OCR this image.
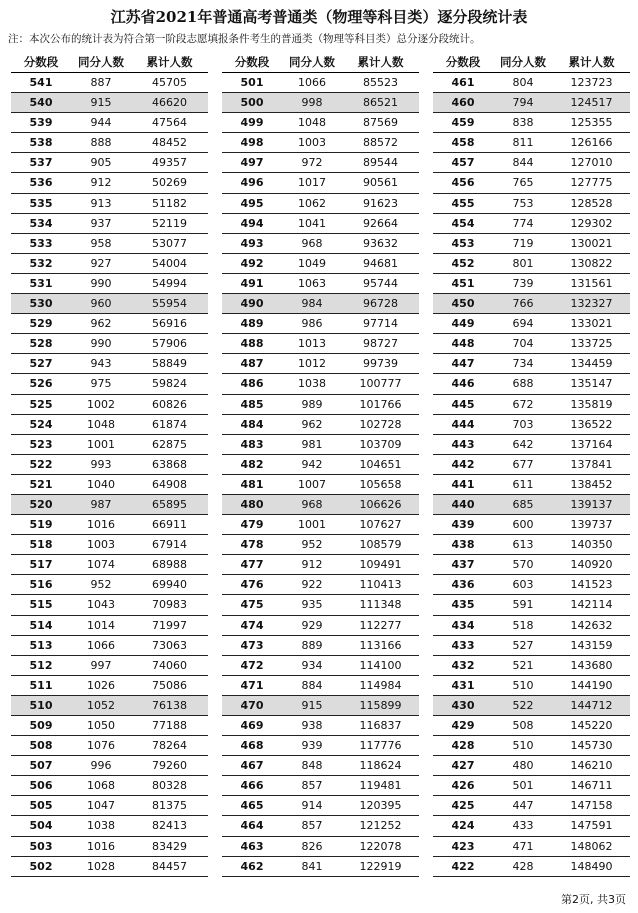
江苏省2021年普通高考普通类（物理等科目类）逐分段统计表
注：本次公布的统计表为符合第一阶段志愿填报条件考生的普通类（物理等科目类）总分逐分段统计。
分数段	同分人数	累计人数
541	887	45705
540	915	46620
539	944	47564
538	888	48452
537	905	49357
536	912	50269
535	913	51182
534	937	52119
533	958	53077
532	927	54004
531	990	54994
530	960	55954
529	962	56916
528	990	57906
527	943	58849
526	975	59824
525	1002	60826
524	1048	61874
523	1001	62875
522	993	63868
521	1040	64908
520	987	65895
519	1016	66911
518	1003	67914
517	1074	68988
516	952	69940
515	1043	70983
514	1014	71997
513	1066	73063
512	997	74060
511	1026	75086
510	1052	76138
509	1050	77188
508	1076	78264
507	996	79260
506	1068	80328
505	1047	81375
504	1038	82413
503	1016	83429
502	1028	84457
分数段	同分人数	累计人数
501	1066	85523
500	998	86521
499	1048	87569
498	1003	88572
497	972	89544
496	1017	90561
495	1062	91623
494	1041	92664
493	968	93632
492	1049	94681
491	1063	95744
490	984	96728
489	986	97714
488	1013	98727
487	1012	99739
486	1038	100777
485	989	101766
484	962	102728
483	981	103709
482	942	104651
481	1007	105658
480	968	106626
479	1001	107627
478	952	108579
477	912	109491
476	922	110413
475	935	111348
474	929	112277
473	889	113166
472	934	114100
471	884	114984
470	915	115899
469	938	116837
468	939	117776
467	848	118624
466	857	119481
465	914	120395
464	857	121252
463	826	122078
462	841	122919
分数段	同分人数	累计人数
461	804	123723
460	794	124517
459	838	125355
458	811	126166
457	844	127010
456	765	127775
455	753	128528
454	774	129302
453	719	130021
452	801	130822
451	739	131561
450	766	132327
449	694	133021
448	704	133725
447	734	134459
446	688	135147
445	672	135819
444	703	136522
443	642	137164
442	677	137841
441	611	138452
440	685	139137
439	600	139737
438	613	140350
437	570	140920
436	603	141523
435	591	142114
434	518	142632
433	527	143159
432	521	143680
431	510	144190
430	522	144712
429	508	145220
428	510	145730
427	480	146210
426	501	146711
425	447	147158
424	433	147591
423	471	148062
422	428	148490
第2页, 共3页
